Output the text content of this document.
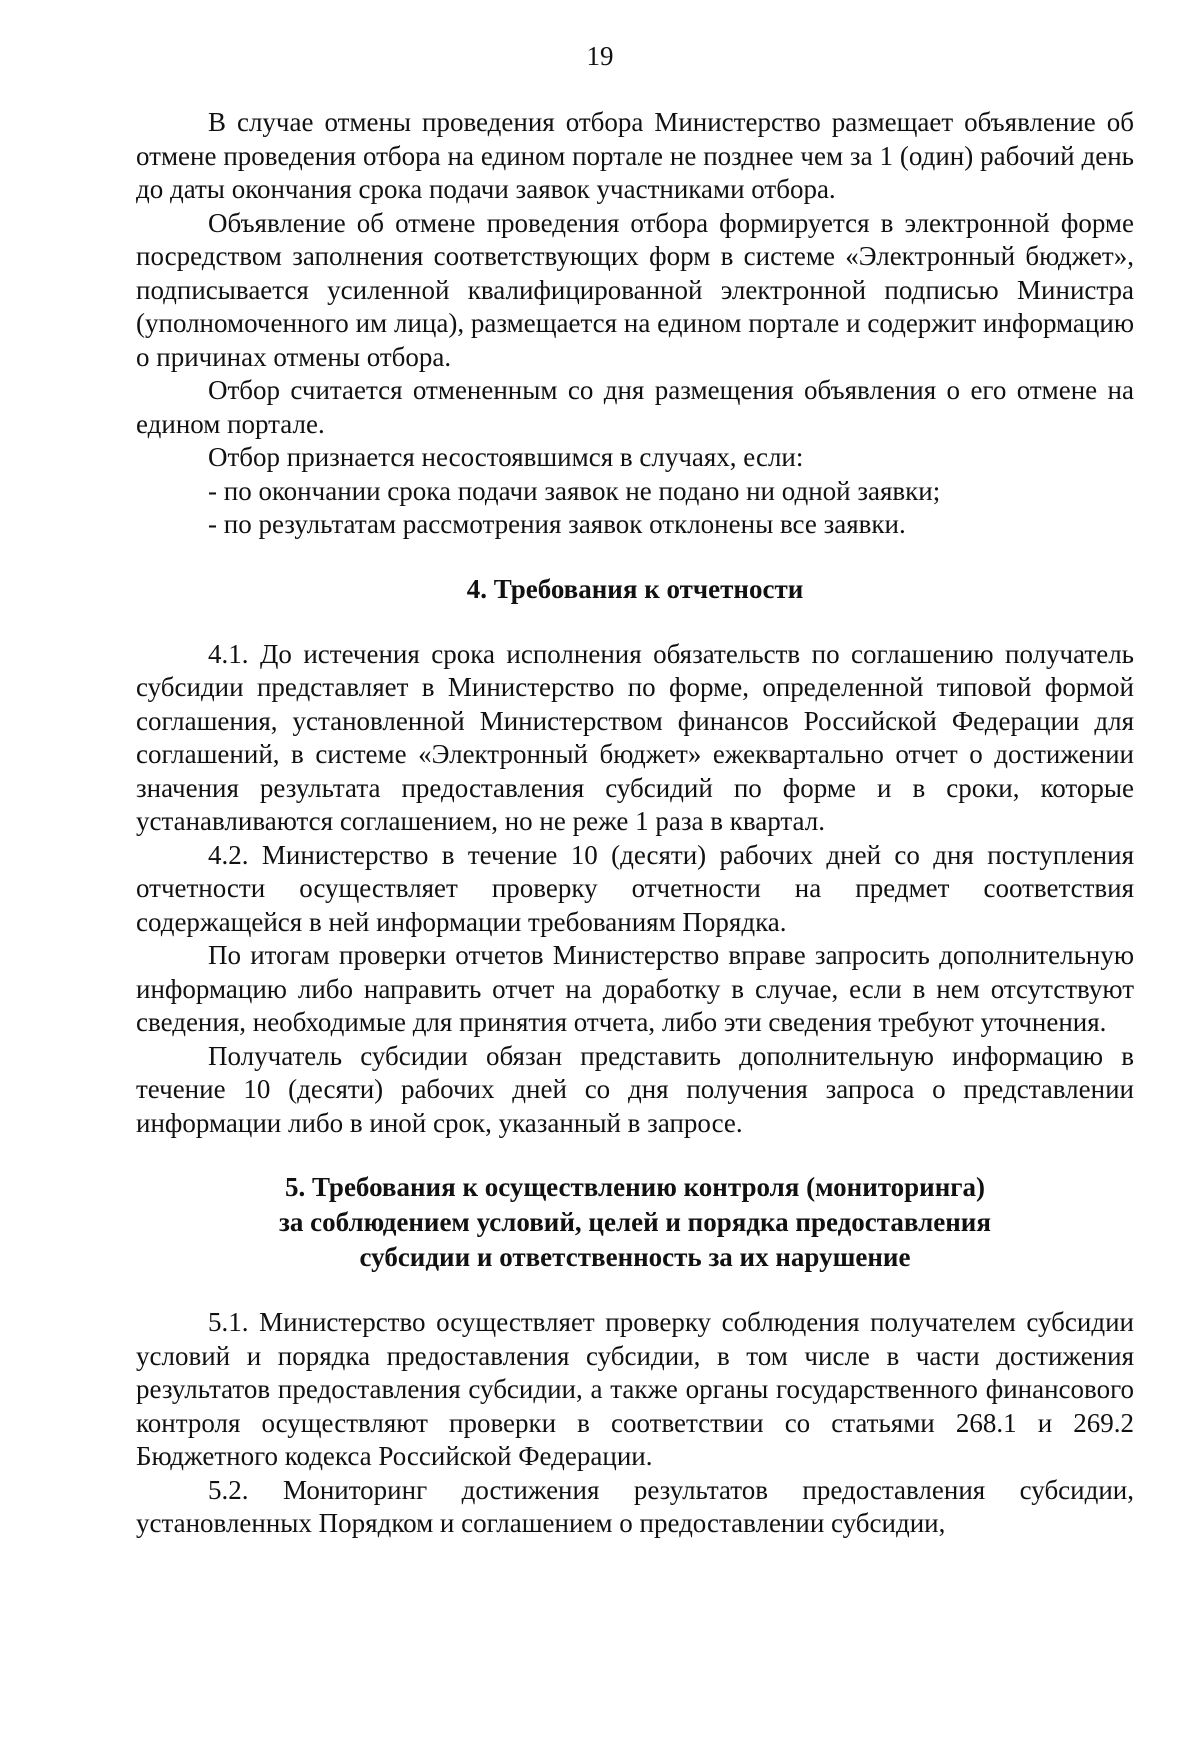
19

В случае отмены проведения отбора Министерство размещает объявление об отмене проведения отбора на едином портале не позднее чем за 1 (один) рабочий день до даты окончания срока подачи заявок участниками отбора.

Объявление об отмене проведения отбора формируется в электронной форме посредством заполнения соответствующих форм в системе «Электронный бюджет», подписывается усиленной квалифицированной электронной подписью Министра (уполномоченного им лица), размещается на едином портале и содержит информацию о причинах отмены отбора.

Отбор считается отмененным со дня размещения объявления о его отмене на едином портале.

Отбор признается несостоявшимся в случаях, если:

- по окончании срока подачи заявок не подано ни одной заявки;

- по результатам рассмотрения заявок отклонены все заявки.

4. Требования к отчетности

4.1. До истечения срока исполнения обязательств по соглашению получатель субсидии представляет в Министерство по форме, определенной типовой формой соглашения, установленной Министерством финансов Российской Федерации для соглашений, в системе «Электронный бюджет» ежеквартально отчет о достижении значения результата предоставления субсидий по форме и в сроки, которые устанавливаются соглашением, но не реже 1 раза в квартал.

4.2. Министерство в течение 10 (десяти) рабочих дней со дня поступления отчетности осуществляет проверку отчетности на предмет соответствия содержащейся в ней информации требованиям Порядка.

По итогам проверки отчетов Министерство вправе запросить дополнительную информацию либо направить отчет на доработку в случае, если в нем отсутствуют сведения, необходимые для принятия отчета, либо эти сведения требуют уточнения.

Получатель субсидии обязан представить дополнительную информацию в течение 10 (десяти) рабочих дней со дня получения запроса о представлении информации либо в иной срок, указанный в запросе.

5. Требования к осуществлению контроля (мониторинга)
за соблюдением условий, целей и порядка предоставления
субсидии и ответственность за их нарушение

5.1. Министерство осуществляет проверку соблюдения получателем субсидии условий и порядка предоставления субсидии, в том числе в части достижения результатов предоставления субсидии, а также органы государственного финансового контроля осуществляют проверки в соответствии со статьями 268.1 и 269.2 Бюджетного кодекса Российской Федерации.

5.2. Мониторинг достижения результатов предоставления субсидии, установленных Порядком и соглашением о предоставлении субсидии,
